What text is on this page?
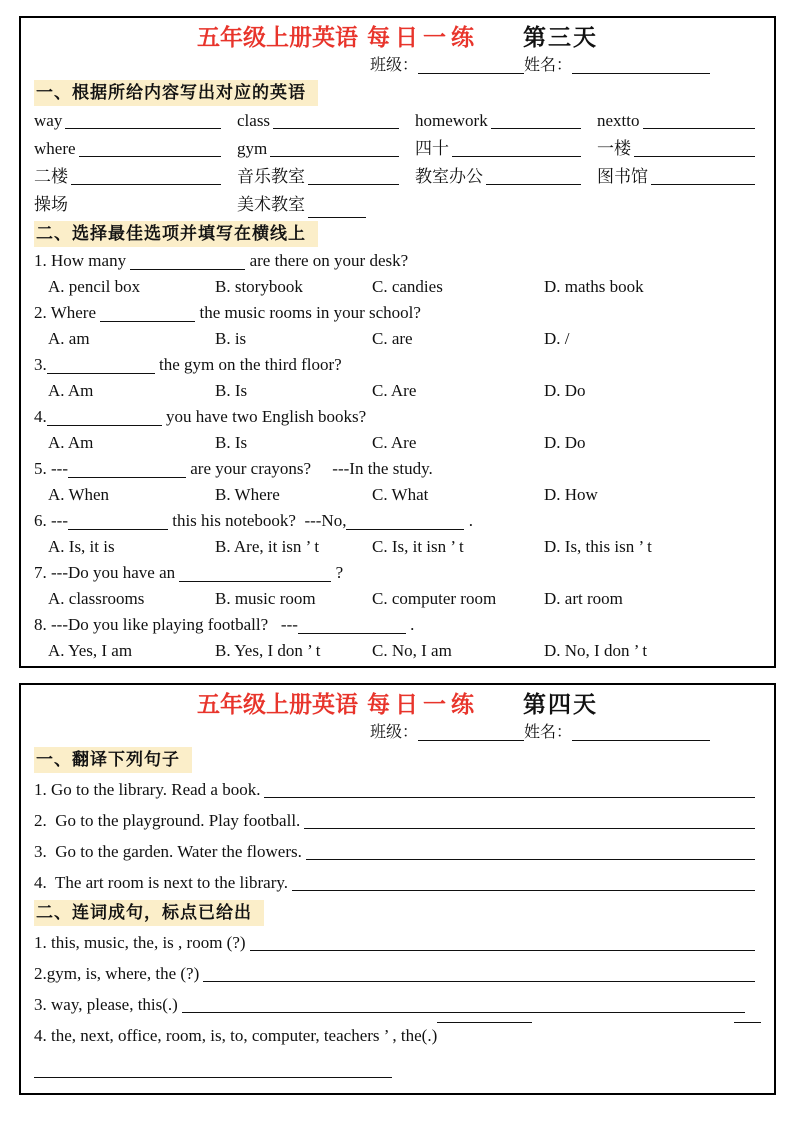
五年级上册英语 每日一练 第三天
班级：	姓名：
一、根据所给内容写出对应的英语
way	class	homework	nextto
where	gym	四十	一楼
二楼	音乐教室	教室办公	图书馆
操场	美术教室
二、选择最佳选项并填写在横线上
1. How many	are there on your desk?
A. pencil box	B. storybook	C. candies	D. maths book
2. Where	the music rooms in your school?
A. am	B. is	C. are	D. /
3.	the gym on the third floor?
A. Am	B. Is	C. Are	D. Do
4.	you have two English books?
A. Am	B. Is	C. Are	D. Do
5. ---	are your crayons?     ---In the study.
A. When	B. Where	C. What	D. How
6. ---	this his notebook?  ---No,	.
A. Is, it is	B. Are, it isn ’ t	C. Is, it isn ’ t	D. Is, this isn ’ t
7. ---Do you have an	?
A. classrooms	B. music room	C. computer room	D. art room
8. ---Do you like playing football?   ---	.
A. Yes, I am	B. Yes, I don ’ t	C. No, I am	D. No, I don ’ t
五年级上册英语 每日一练 第四天
班级：	姓名：
一、翻译下列句子
1. Go to the library. Read a book.
2.  Go to the playground. Play football.
3.  Go to the garden. Water the flowers.
4.  The art room is next to the library.
二、连词成句，标点已给出
1. this, music, the, is , room (?)
2.gym, is, where, the (?)
3. way, please, this(.)
4. the, next, office, room, is, to, computer, teachers ’ , the(.)
